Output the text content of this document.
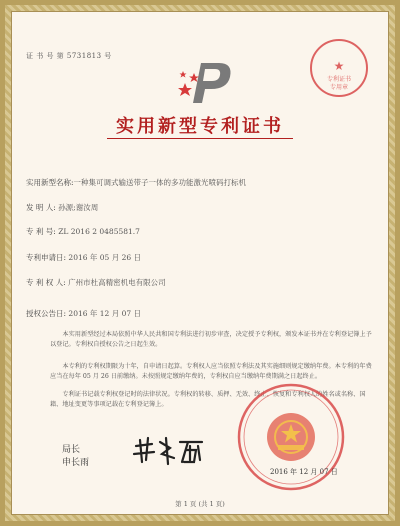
证 书 号 第 5731813 号
★
专利证书
专用章
实用新型专利证书
实用新型名称:一种集可调式输送带子一体的多功能激光喷码打标机
发 明 人: 孙源;谢汝周
专 利 号: ZL 2016 2 0485581.7
专利申请日: 2016 年 05 月 26 日
专 利 权 人: 广州市杜高精密机电有限公司
授权公告日: 2016 年 12 月 07 日
本实用新型经过本局依照中华人民共和国专利法进行初步审查，决定授予专利权，颁发本证书并在专利登记簿上予以登记。专利权自授权公告之日起生效。
本专利的专利权期限为十年，自申请日起算。专利权人应当依照专利法及其实施细则规定缴纳年费。本专利的年费应当在每年 05 月 26 日前缴纳。未按照规定缴纳年费的，专利权自应当缴纳年费期满之日起终止。
专利证书记载专利权登记时的法律状况。专利权的转移、质押、无效、终止、恢复和专利权人的姓名或名称、国籍、地址变更等事项记载在专利登记簿上。
局长
申长雨
2016 年 12 月 07 日
第 1 页 (共 1 页)
